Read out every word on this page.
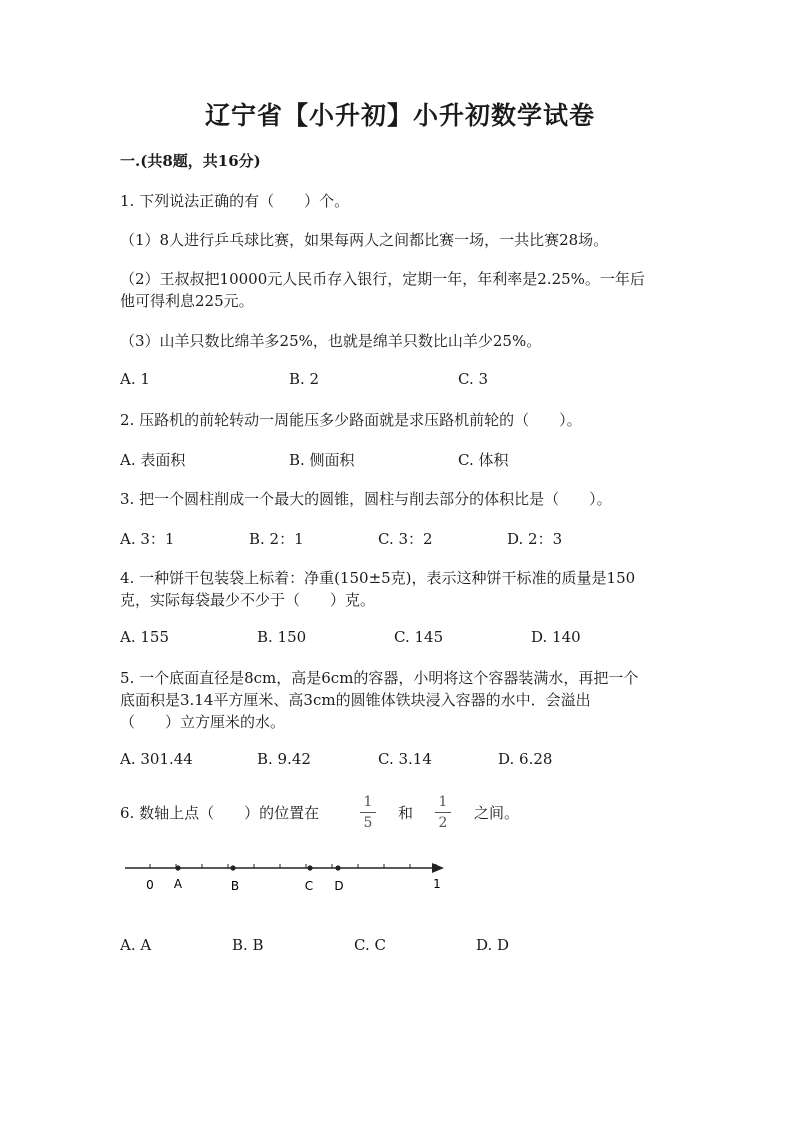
辽宁省【小升初】小升初数学试卷
一.(共8题，共16分)
1. 下列说法正确的有（　　）个。
（1）8人进行乒乓球比赛，如果每两人之间都比赛一场，一共比赛28场。
（2）王叔叔把10000元人民币存入银行，定期一年，年利率是2.25%。一年后
他可得利息225元。
（3）山羊只数比绵羊多25%，也就是绵羊只数比山羊少25%。
A. 1	B. 2	C. 3
2. 压路机的前轮转动一周能压多少路面就是求压路机前轮的（　　）。
A. 表面积	B. 侧面积	C. 体积
3. 把一个圆柱削成一个最大的圆锥，圆柱与削去部分的体积比是（　　）。
A. 3：1	B. 2：1	C. 3：2	D. 2：3
4. 一种饼干包装袋上标着：净重(150±5克)，表示这种饼干标准的质量是150
克，实际每袋最少不少于（　　）克。
A. 155	B. 150	C. 145	D. 140
5. 一个底面直径是8cm，高是6cm的容器，小明将这个容器装满水，再把一个
底面积是3.14平方厘米、高3cm的圆锥体铁块浸入容器的水中．会溢出
（　　）立方厘米的水。
A. 301.44	B. 9.42	C. 3.14	D. 6.28
6. 数轴上点（　　）的位置在
1
5
和
1
2
之间。
0 A	B	C D	1
A. A	B. B	C. C	D. D
